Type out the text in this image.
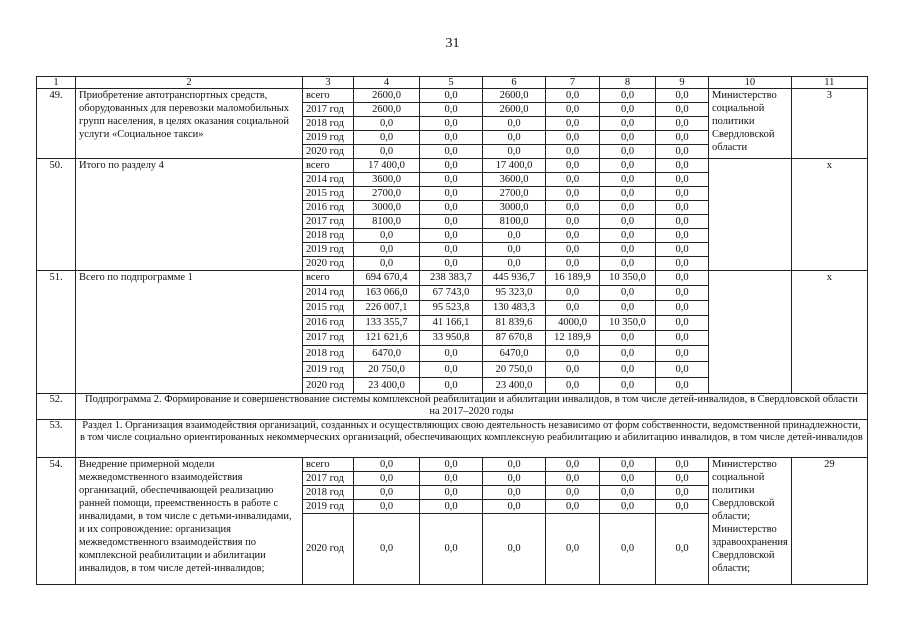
31
1	2	3	4	5	6	7	8	9	10	11
49.	Приобретение автотранспортных средств, оборудованных для перевозки маломобильных групп населения, в целях оказания социальной услуги «Социальное такси»	всего	2600,0	0,0	2600,0	0,0	0,0	0,0	Министерство социальной политики Свердловской области	3
		2017 год	2600,0	0,0	2600,0	0,0	0,0	0,0		
		2018 год	0,0	0,0	0,0	0,0	0,0	0,0		
		2019 год	0,0	0,0	0,0	0,0	0,0	0,0		
		2020 год	0,0	0,0	0,0	0,0	0,0	0,0		
50.	Итого по разделу 4	всего	17 400,0	0,0	17 400,0	0,0	0,0	0,0		х
		2014 год	3600,0	0,0	3600,0	0,0	0,0	0,0		
		2015 год	2700,0	0,0	2700,0	0,0	0,0	0,0		
		2016 год	3000,0	0,0	3000,0	0,0	0,0	0,0		
		2017 год	8100,0	0,0	8100,0	0,0	0,0	0,0		
		2018 год	0,0	0,0	0,0	0,0	0,0	0,0		
		2019 год	0,0	0,0	0,0	0,0	0,0	0,0		
		2020 год	0,0	0,0	0,0	0,0	0,0	0,0		
51.	Всего по подпрограмме 1	всего	694 670,4	238 383,7	445 936,7	16 189,9	10 350,0	0,0		х
		2014 год	163 066,0	67 743,0	95 323,0	0,0	0,0	0,0		
		2015 год	226 007,1	95 523,8	130 483,3	0,0	0,0	0,0		
		2016 год	133 355,7	41 166,1	81 839,6	4000,0	10 350,0	0,0		
		2017 год	121 621,6	33 950,8	87 670,8	12 189,9	0,0	0,0		
		2018 год	6470,0	0,0	6470,0	0,0	0,0	0,0		
		2019 год	20 750,0	0,0	20 750,0	0,0	0,0	0,0		
		2020 год	23 400,0	0,0	23 400,0	0,0	0,0	0,0		
52.	Подпрограмма 2. Формирование и совершенствование системы комплексной реабилитации и абилитации инвалидов, в том числе детей-инвалидов, в Свердловской области на 2017–2020 годы									
53.	Раздел 1. Организация взаимодействия организаций, созданных и осуществляющих свою деятельность независимо от форм собственности, ведомственной принадлежности, в том числе социально ориентированных некоммерческих организаций, обеспечивающих комплексную реабилитацию и абилитацию инвалидов, в том числе детей-инвалидов									
54.	Внедрение примерной модели межведомственного взаимодействия организаций, обеспечивающей реализацию ранней помощи, преемственность в работе с инвалидами, в том числе с детьми-инвалидами, и их сопровождение: организация межведомственного взаимодействия по комплексной реабилитации и абилитации инвалидов, в том числе детей-инвалидов;	всего	0,0	0,0	0,0	0,0	0,0	0,0	Министерство социальной политики Свердловской области; Министерство здравоохранения Свердловской области;	29
		2017 год	0,0	0,0	0,0	0,0	0,0	0,0		
		2018 год	0,0	0,0	0,0	0,0	0,0	0,0		
		2019 год	0,0	0,0	0,0	0,0	0,0	0,0		
		2020 год	0,0	0,0	0,0	0,0	0,0	0,0		
